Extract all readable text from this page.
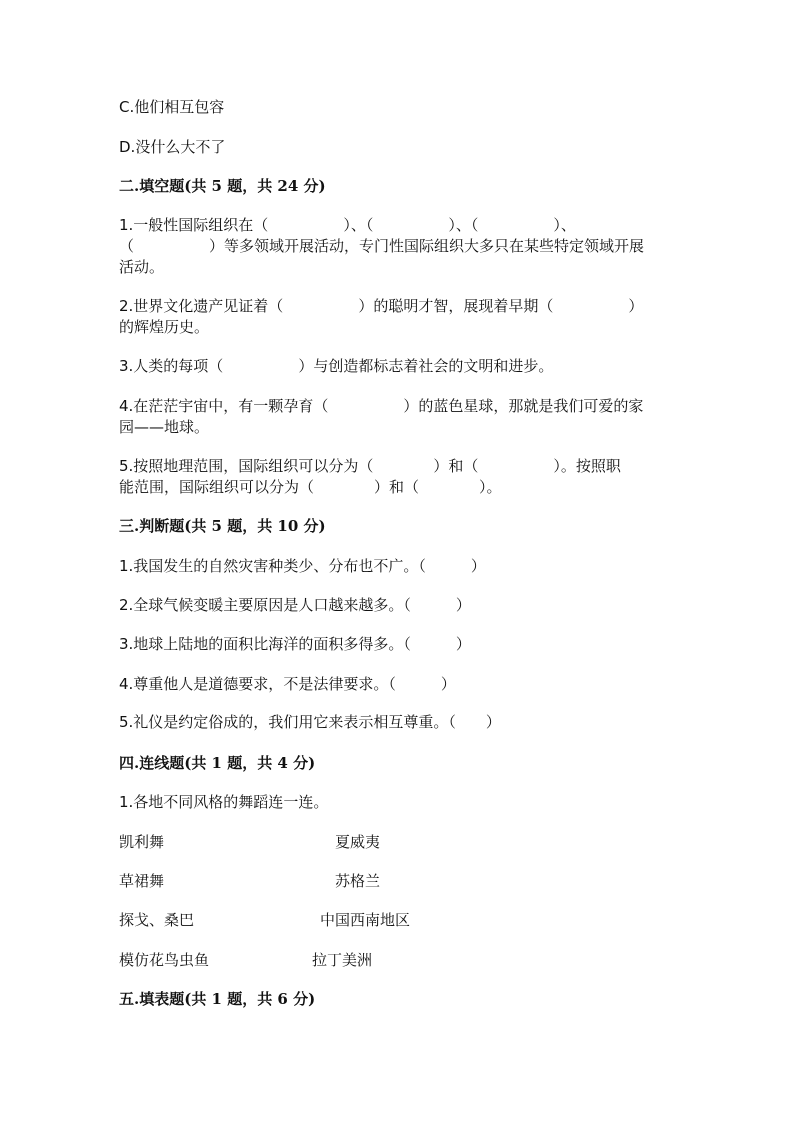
C.他们相互包容
D.没什么大不了
二.填空题(共 5 题，共 24 分)
1.一般性国际组织在（　　　　　）、（　　　　　）、（　　　　　）、
（　　　　　）等多领域开展活动，专门性国际组织大多只在某些特定领域开展
活动。
2.世界文化遗产见证着（　　　　　）的聪明才智，展现着早期（　　　　　）
的辉煌历史。
3.人类的每项（　　　　　）与创造都标志着社会的文明和进步。
4.在茫茫宇宙中，有一颗孕育（　　　　　）的蓝色星球，那就是我们可爱的家
园——地球。
5.按照地理范围，国际组织可以分为（　　　　）和（　　　　　）。按照职
能范围，国际组织可以分为（　　　　）和（　　　　）。
三.判断题(共 5 题，共 10 分)
1.我国发生的自然灾害种类少、分布也不广。（　　　）
2.全球气候变暖主要原因是人口越来越多。（　　　）
3.地球上陆地的面积比海洋的面积多得多。（　　　）
4.尊重他人是道德要求，不是法律要求。（　　　）
5.礼仪是约定俗成的，我们用它来表示相互尊重。（　　）
四.连线题(共 1 题，共 4 分)
1.各地不同风格的舞蹈连一连。
凯利舞	夏威夷
草裙舞	苏格兰
探戈、桑巴	中国西南地区
模仿花鸟虫鱼	拉丁美洲
五.填表题(共 1 题，共 6 分)
